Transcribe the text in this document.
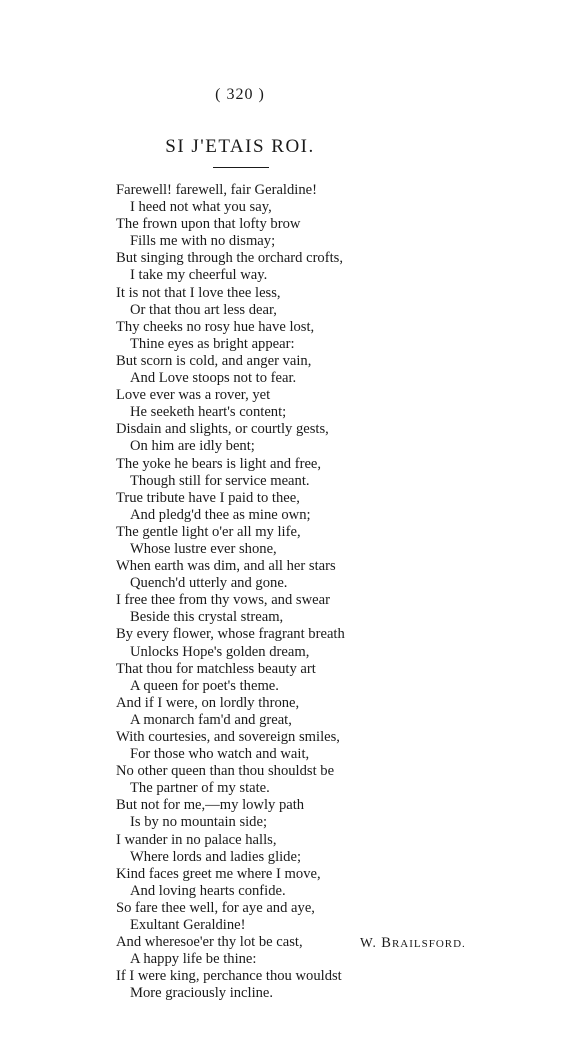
( 320 )
SI J'ETAIS ROI.
Farewell! farewell, fair Geraldine!
I heed not what you say,
The frown upon that lofty brow
Fills me with no dismay;
But singing through the orchard crofts,
I take my cheerful way.
It is not that I love thee less,
Or that thou art less dear,
Thy cheeks no rosy hue have lost,
Thine eyes as bright appear:
But scorn is cold, and anger vain,
And Love stoops not to fear.
Love ever was a rover, yet
He seeketh heart's content;
Disdain and slights, or courtly gests,
On him are idly bent;
The yoke he bears is light and free,
Though still for service meant.
True tribute have I paid to thee,
And pledg'd thee as mine own;
The gentle light o'er all my life,
Whose lustre ever shone,
When earth was dim, and all her stars
Quench'd utterly and gone.
I free thee from thy vows, and swear
Beside this crystal stream,
By every flower, whose fragrant breath
Unlocks Hope's golden dream,
That thou for matchless beauty art
A queen for poet's theme.
And if I were, on lordly throne,
A monarch fam'd and great,
With courtesies, and sovereign smiles,
For those who watch and wait,
No other queen than thou shouldst be
The partner of my state.
But not for me,—my lowly path
Is by no mountain side;
I wander in no palace halls,
Where lords and ladies glide;
Kind faces greet me where I move,
And loving hearts confide.
So fare thee well, for aye and aye,
Exultant Geraldine!
And wheresoe'er thy lot be cast,
A happy life be thine:
If I were king, perchance thou wouldst
More graciously incline.
W. BRAILSFORD.
